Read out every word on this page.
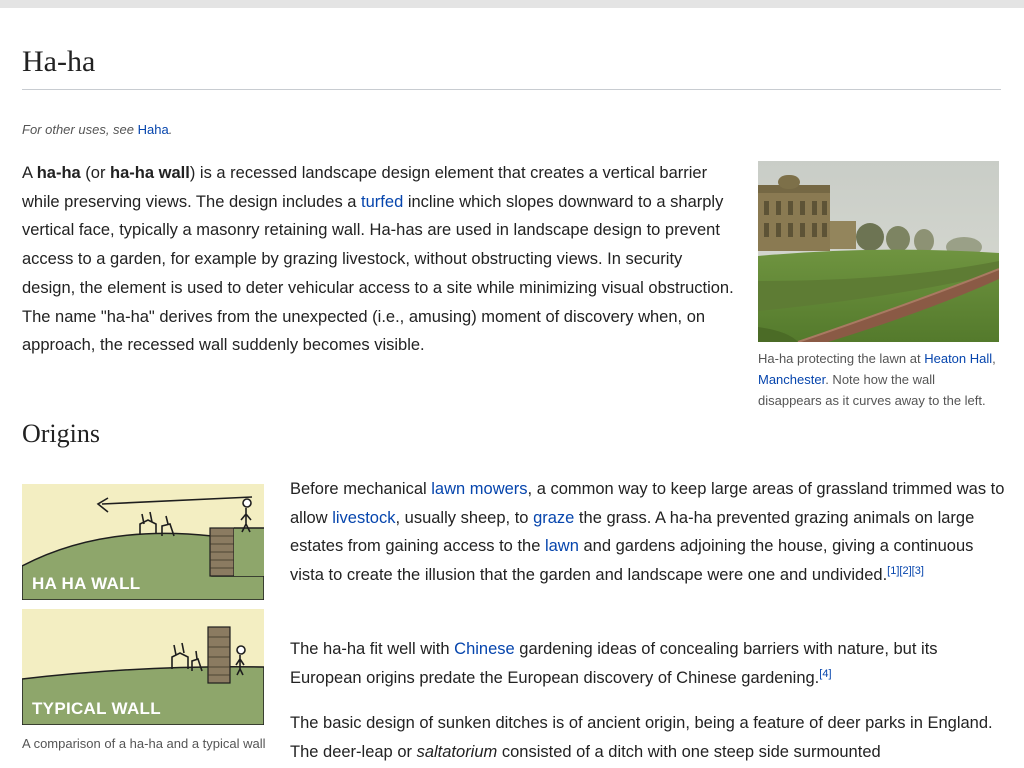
Ha-ha
For other uses, see Haha.

A ha-ha (or ha-ha wall) is a recessed landscape design element that creates a vertical barrier while preserving views. The design includes a turfed incline which slopes downward to a sharply vertical face, typically a masonry retaining wall. Ha-has are used in landscape design to prevent access to a garden, for example by grazing livestock, without obstructing views. In security design, the element is used to deter vehicular access to a site while minimizing visual obstruction. The name "ha-ha" derives from the unexpected (i.e., amusing) moment of discovery when, on approach, the recessed wall suddenly becomes visible.

Ha-ha protecting the lawn at Heaton Hall, Manchester. Note how the wall disappears as it curves away to the left.
Origins
HA HA WALL
TYPICAL WALL
A comparison of a ha-ha and a typical wall

Before mechanical lawn mowers, a common way to keep large areas of grassland trimmed was to allow livestock, usually sheep, to graze the grass. A ha-ha prevented grazing animals on large estates from gaining access to the lawn and gardens adjoining the house, giving a continuous vista to create the illusion that the garden and landscape were one and undivided.[1][2][3]

The ha-ha fit well with Chinese gardening ideas of concealing barriers with nature, but its European origins predate the European discovery of Chinese gardening.[4]

The basic design of sunken ditches is of ancient origin, being a feature of deer parks in England. The deer-leap or saltatorium consisted of a ditch with one steep side surmounted
